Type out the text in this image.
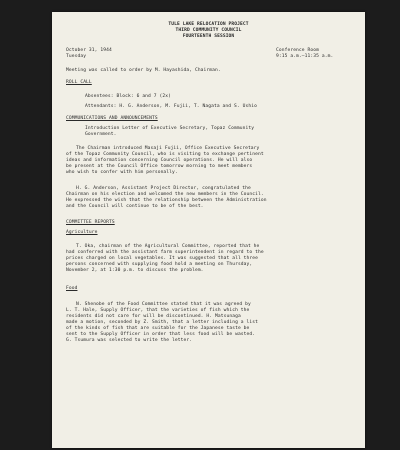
TULE LAKE RELOCATION PROJECT
THIRD COMMUNITY COUNCIL
FOURTEENTH SESSION
October 31, 1944
Tuesday
Conference Room
9:15 a.m.—11:35 a.m.
Meeting was called to order by M. Hayashida, Chairman.
ROLL CALL
Absentees: Block: 6 and 7 (2x)
Attendants: H. G. Anderson, M. Fujii, T. Nagata and S. Ushio
COMMUNICATIONS AND ANNOUNCEMENTS
Introduction Letter of Executive Secretary, Topaz Community
Government.
The Chairman introduced Masaji Fujii, Office Executive Secretary
of the Topaz Community Council, who is visiting to exchange pertinent
ideas and information concerning Council operations. He will also
be present at the Council Office tomorrow morning to meet members
who wish to confer with him personally.
H. G. Anderson, Assistant Project Director, congratulated the
Chairman on his election and welcomed the new members in the Council.
He expressed the wish that the relationship between the Administration
and the Council will continue to be of the best.
COMMITTEE REPORTS
Agriculture
T. Oka, chairman of the Agricultural Committee, reported that he
had conferred with the assistant farm superintendent in regard to the
prices charged on local vegetables. It was suggested that all three
persons concerned with supplying food hold a meeting on Thursday,
November 2, at 1:30 p.m. to discuss the problem.
Food
N. Shenobe of the Food Committee stated that it was agreed by
L. T. Hale, Supply Officer, that the varieties of fish which the
residents did not care for will be discontinued. H. Matsunaga
made a motion, seconded by Z. Smith, that a letter including a list
of the kinds of fish that are suitable for the Japanese taste be
sent to the Supply Officer in order that less food will be wasted.
G. Tsumura was selected to write the letter.
